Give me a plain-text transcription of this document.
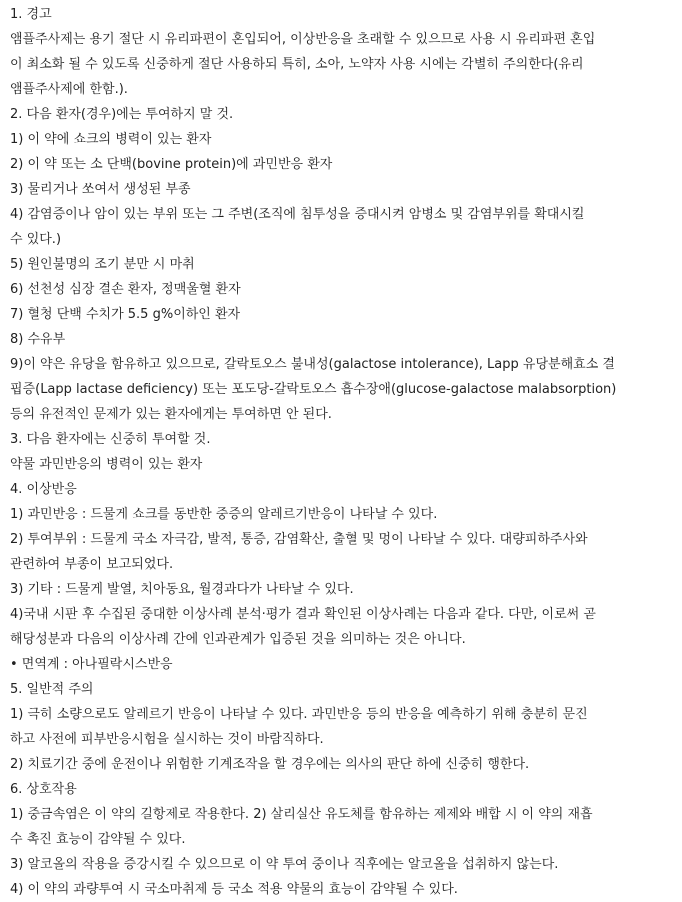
1. 경고
앰플주사제는 용기 절단 시 유리파편이 혼입되어, 이상반응을 초래할 수 있으므로 사용 시 유리파편 혼입
이 최소화 될 수 있도록 신중하게 절단 사용하되 특히, 소아, 노약자 사용 시에는 각별히 주의한다(유리
앰플주사제에 한함.).
2. 다음 환자(경우)에는 투여하지 말 것.
1) 이 약에 쇼크의 병력이 있는 환자
2) 이 약 또는 소 단백(bovine protein)에 과민반응 환자
3) 물리거나 쏘여서 생성된 부종
4) 감염증이나 암이 있는 부위 또는 그 주변(조직에 침투성을 증대시켜 암병소 및 감염부위를 확대시킬
수 있다.)
5) 원인불명의 조기 분만 시 마취
6) 선천성 심장 결손 환자, 정맥울혈 환자
7) 혈청 단백 수치가 5.5 g%이하인 환자
8) 수유부
9)이 약은 유당을 함유하고 있으므로, 갈락토오스 불내성(galactose intolerance), Lapp 유당분해효소 결
핍증(Lapp lactase deficiency) 또는 포도당-갈락토오스 흡수장애(glucose-galactose malabsorption)
등의 유전적인 문제가 있는 환자에게는 투여하면 안 된다.
3. 다음 환자에는 신중히 투여할 것.
약물 과민반응의 병력이 있는 환자
4. 이상반응
1) 과민반응 : 드물게 쇼크를 동반한 중증의 알레르기반응이 나타날 수 있다.
2) 투여부위 : 드물게 국소 자극감, 발적, 통증, 감염확산, 출혈 및 멍이 나타날 수 있다. 대량피하주사와
관련하여 부종이 보고되었다.
3) 기타 : 드물게 발열, 치아동요, 월경과다가 나타날 수 있다.
4)국내 시판 후 수집된 중대한 이상사례 분석·평가 결과 확인된 이상사례는 다음과 같다. 다만, 이로써 곧
해당성분과 다음의 이상사례 간에 인과관계가 입증된 것을 의미하는 것은 아니다.
• 면역계 : 아나필락시스반응
5. 일반적 주의
1) 극히 소량으로도 알레르기 반응이 나타날 수 있다. 과민반응 등의 반응을 예측하기 위해 충분히 문진
하고 사전에 피부반응시험을 실시하는 것이 바람직하다.
2) 치료기간 중에 운전이나 위험한 기계조작을 할 경우에는 의사의 판단 하에 신중히 행한다.
6. 상호작용
1) 중금속염은 이 약의 길항제로 작용한다. 2) 살리실산 유도체를 함유하는 제제와 배합 시 이 약의 재흡
수 촉진 효능이 감약될 수 있다.
3) 알코올의 작용을 증강시킬 수 있으므로 이 약 투여 중이나 직후에는 알코올을 섭취하지 않는다.
4) 이 약의 과량투여 시 국소마취제 등 국소 적용 약물의 효능이 감약될 수 있다.
